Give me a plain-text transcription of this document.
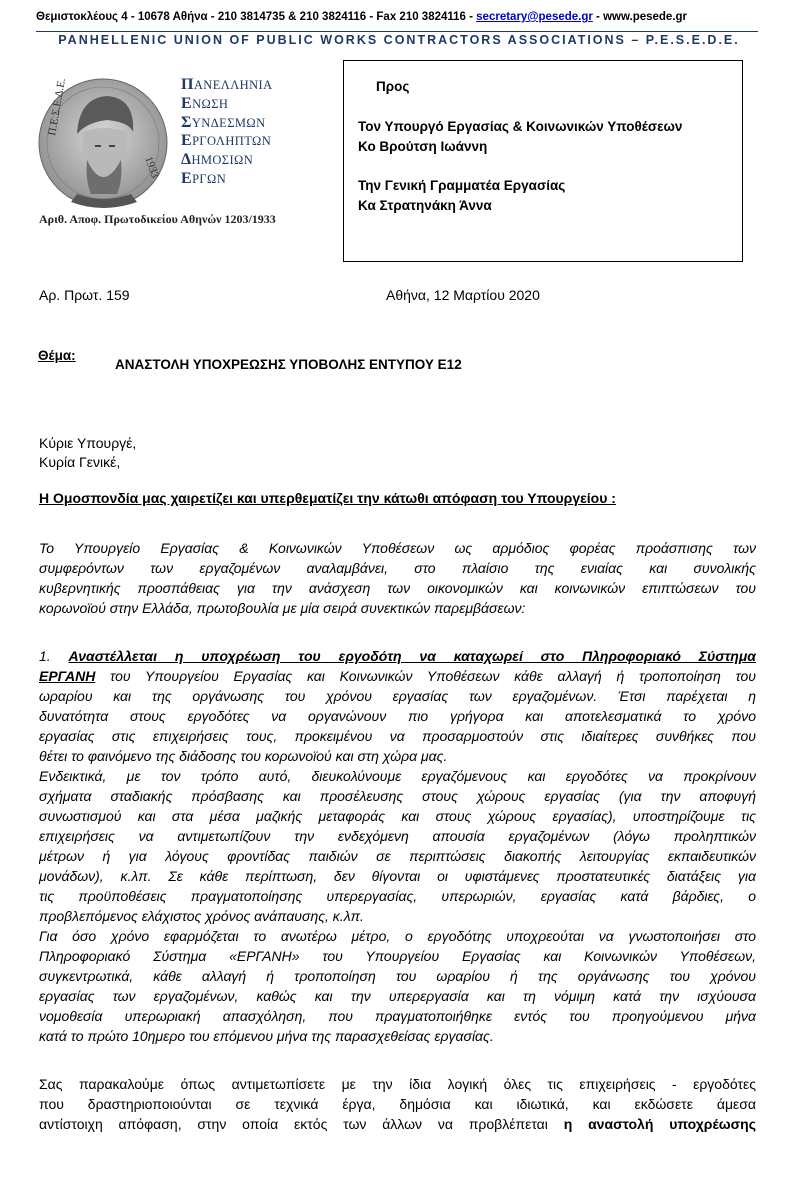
Θεμιστοκλέους 4 - 10678 Αθήνα - 210 3814735 & 210 3824116 - Fax 210 3824116 - secretary@pesede.gr - www.pesede.gr
PANHELLENIC UNION OF PUBLIC WORKS CONTRACTORS ASSOCIATIONS – P.E.S.E.D.E.
Π.Ε.Σ.Ε.Δ.Ε.
1933
ΠΑΝΕΛΛΗΝΙΑ
ΕΝΩΣΗ
ΣΥΝΔΕΣΜΩΝ
ΕΡΓΟΛΗΠΤΩΝ
ΔΗΜΟΣΙΩΝ
ΕΡΓΩΝ
Αριθ. Αποφ. Πρωτοδικείου Αθηνών 1203/1933
Προς
Τον Υπουργό Εργασίας & Κοινωνικών Υποθέσεων
Κο Βρούτση Ιωάννη
Την Γενική Γραμματέα Εργασίας
Κα Στρατηνάκη Άννα
Αρ. Πρωτ. 159	Αθήνα, 12 Μαρτίου 2020
Θέμα:
ΑΝΑΣΤΟΛΗ ΥΠΟΧΡΕΩΣΗΣ ΥΠΟΒΟΛΗΣ ΕΝΤΥΠΟΥ Ε12
Κύριε Υπουργέ,
Κυρία Γενικέ,
Η Ομοσπονδία μας χαιρετίζει και υπερθεματίζει την κάτωθι απόφαση του Υπουργείου :
Το Υπουργείο Εργασίας & Κοινωνικών Υποθέσεων ως αρμόδιος φορέας προάσπισης των
συμφερόντων των εργαζομένων αναλαμβάνει, στο πλαίσιο της ενιαίας και συνολικής
κυβερνητικής προσπάθειας για την ανάσχεση των οικονομικών και κοινωνικών επιπτώσεων του
κορωνοϊού στην Ελλάδα, πρωτοβουλία με μία σειρά συνεκτικών παρεμβάσεων:
1. Αναστέλλεται η υποχρέωση του εργοδότη να καταχωρεί στο Πληροφοριακό Σύστημα
ΕΡΓΑΝΗ του Υπουργείου Εργασίας και Κοινωνικών Υποθέσεων κάθε αλλαγή ή τροποποίηση του
ωραρίου και της οργάνωσης του χρόνου εργασίας των εργαζομένων. Έτσι παρέχεται η
δυνατότητα στους εργοδότες να οργανώνουν πιο γρήγορα και αποτελεσματικά το χρόνο
εργασίας στις επιχειρήσεις τους, προκειμένου να προσαρμοστούν στις ιδιαίτερες συνθήκες που
θέτει το φαινόμενο της διάδοσης του κορωνοϊού και στη χώρα μας.
Ενδεικτικά, με τον τρόπο αυτό, διευκολύνουμε εργαζόμενους και εργοδότες να προκρίνουν
σχήματα σταδιακής πρόσβασης και προσέλευσης στους χώρους εργασίας (για την αποφυγή
συνωστισμού και στα μέσα μαζικής μεταφοράς και στους χώρους εργασίας), υποστηρίζουμε τις
επιχειρήσεις να αντιμετωπίζουν την ενδεχόμενη απουσία εργαζομένων (λόγω προληπτικών
μέτρων ή για λόγους φροντίδας παιδιών σε περιπτώσεις διακοπής λειτουργίας εκπαιδευτικών
μονάδων), κ.λπ. Σε κάθε περίπτωση, δεν θίγονται οι υφιστάμενες προστατευτικές διατάξεις για
τις προϋποθέσεις πραγματοποίησης υπερεργασίας, υπερωριών, εργασίας κατά βάρδιες, ο
προβλεπόμενος ελάχιστος χρόνος ανάπαυσης, κ.λπ.
Για όσο χρόνο εφαρμόζεται το ανωτέρω μέτρο, ο εργοδότης υποχρεούται να γνωστοποιήσει στο
Πληροφοριακό Σύστημα «ΕΡΓΑΝΗ» του Υπουργείου Εργασίας και Κοινωνικών Υποθέσεων,
συγκεντρωτικά, κάθε αλλαγή ή τροποποίηση του ωραρίου ή της οργάνωσης του χρόνου
εργασίας των εργαζομένων, καθώς και την υπερεργασία και τη νόμιμη κατά την ισχύουσα
νομοθεσία υπερωριακή απασχόληση, που πραγματοποιήθηκε εντός του προηγούμενου μήνα
κατά το πρώτο 10ημερο του επόμενου μήνα της παρασχεθείσας εργασίας.
Σας παρακαλούμε όπως αντιμετωπίσετε με την ίδια λογική όλες τις επιχειρήσεις - εργοδότες
που δραστηριοποιούνται σε τεχνικά έργα, δημόσια και ιδιωτικά, και εκδώσετε άμεσα
αντίστοιχη απόφαση, στην οποία εκτός των άλλων να προβλέπεται η αναστολή υποχρέωσης
